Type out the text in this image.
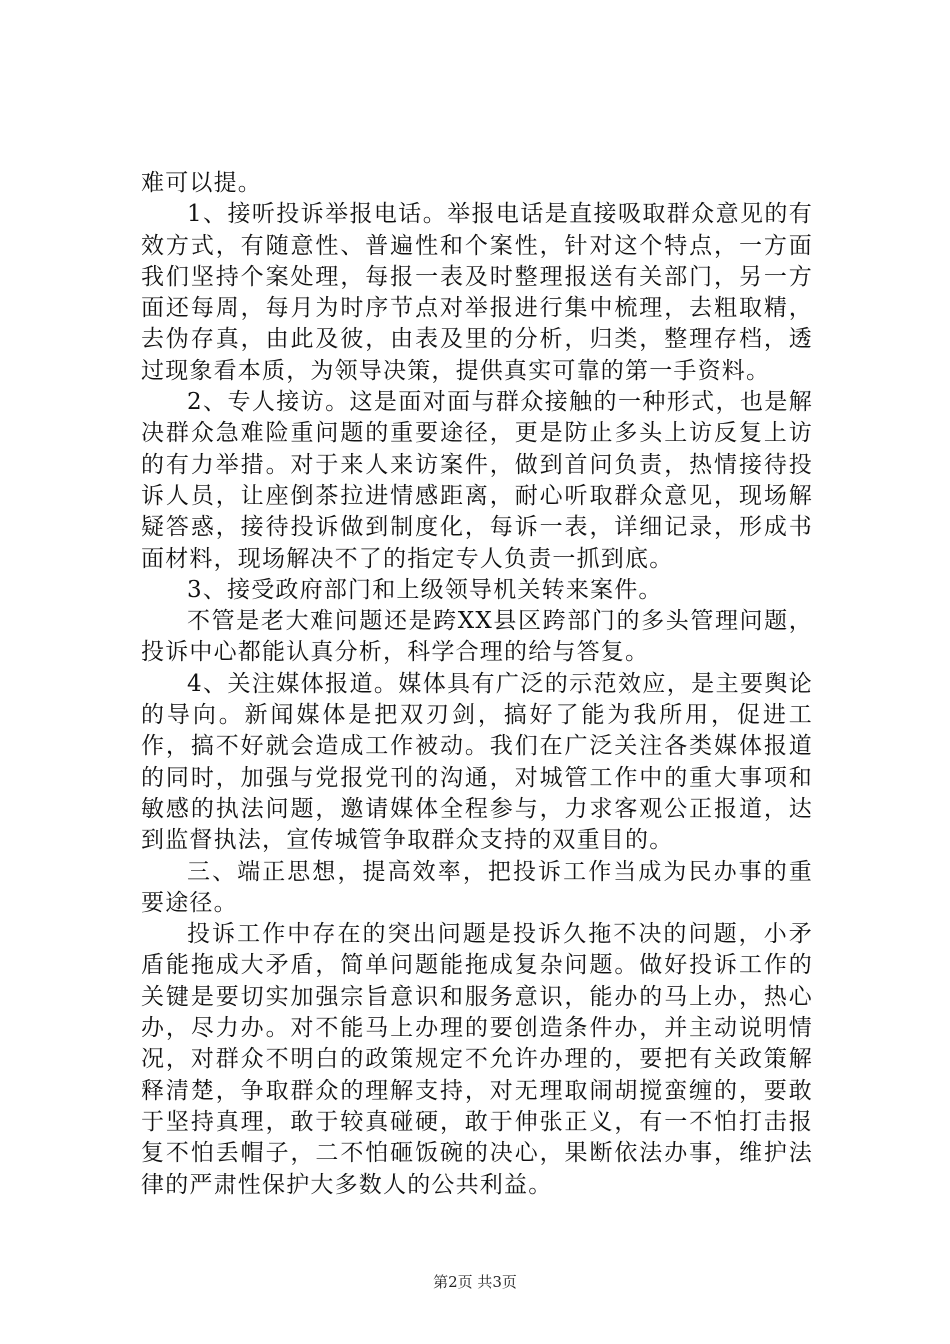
难可以提。

1、接听投诉举报电话。举报电话是直接吸取群众意见的有效方式，有随意性、普遍性和个案性，针对这个特点，一方面我们坚持个案处理，每报一表及时整理报送有关部门，另一方面还每周，每月为时序节点对举报进行集中梳理，去粗取精，去伪存真，由此及彼，由表及里的分析，归类，整理存档，透过现象看本质，为领导决策，提供真实可靠的第一手资料。

2、专人接访。这是面对面与群众接触的一种形式，也是解决群众急难险重问题的重要途径，更是防止多头上访反复上访的有力举措。对于来人来访案件，做到首问负责，热情接待投诉人员，让座倒茶拉进情感距离，耐心听取群众意见，现场解疑答惑，接待投诉做到制度化，每诉一表，详细记录，形成书面材料，现场解决不了的指定专人负责一抓到底。

3、接受政府部门和上级领导机关转来案件。

不管是老大难问题还是跨XX县区跨部门的多头管理问题，投诉中心都能认真分析，科学合理的给与答复。

4、关注媒体报道。媒体具有广泛的示范效应，是主要舆论的导向。新闻媒体是把双刃剑，搞好了能为我所用，促进工作，搞不好就会造成工作被动。我们在广泛关注各类媒体报道的同时，加强与党报党刊的沟通，对城管工作中的重大事项和敏感的执法问题，邀请媒体全程参与，力求客观公正报道，达到监督执法，宣传城管争取群众支持的双重目的。

三、端正思想，提高效率，把投诉工作当成为民办事的重要途径。

投诉工作中存在的突出问题是投诉久拖不决的问题，小矛盾能拖成大矛盾，简单问题能拖成复杂问题。做好投诉工作的关键是要切实加强宗旨意识和服务意识，能办的马上办，热心办，尽力办。对不能马上办理的要创造条件办，并主动说明情况，对群众不明白的政策规定不允许办理的，要把有关政策解释清楚，争取群众的理解支持，对无理取闹胡搅蛮缠的，要敢于坚持真理，敢于较真碰硬，敢于伸张正义，有一不怕打击报复不怕丢帽子，二不怕砸饭碗的决心，果断依法办事，维护法律的严肃性保护大多数人的公共利益。

第2页 共3页
